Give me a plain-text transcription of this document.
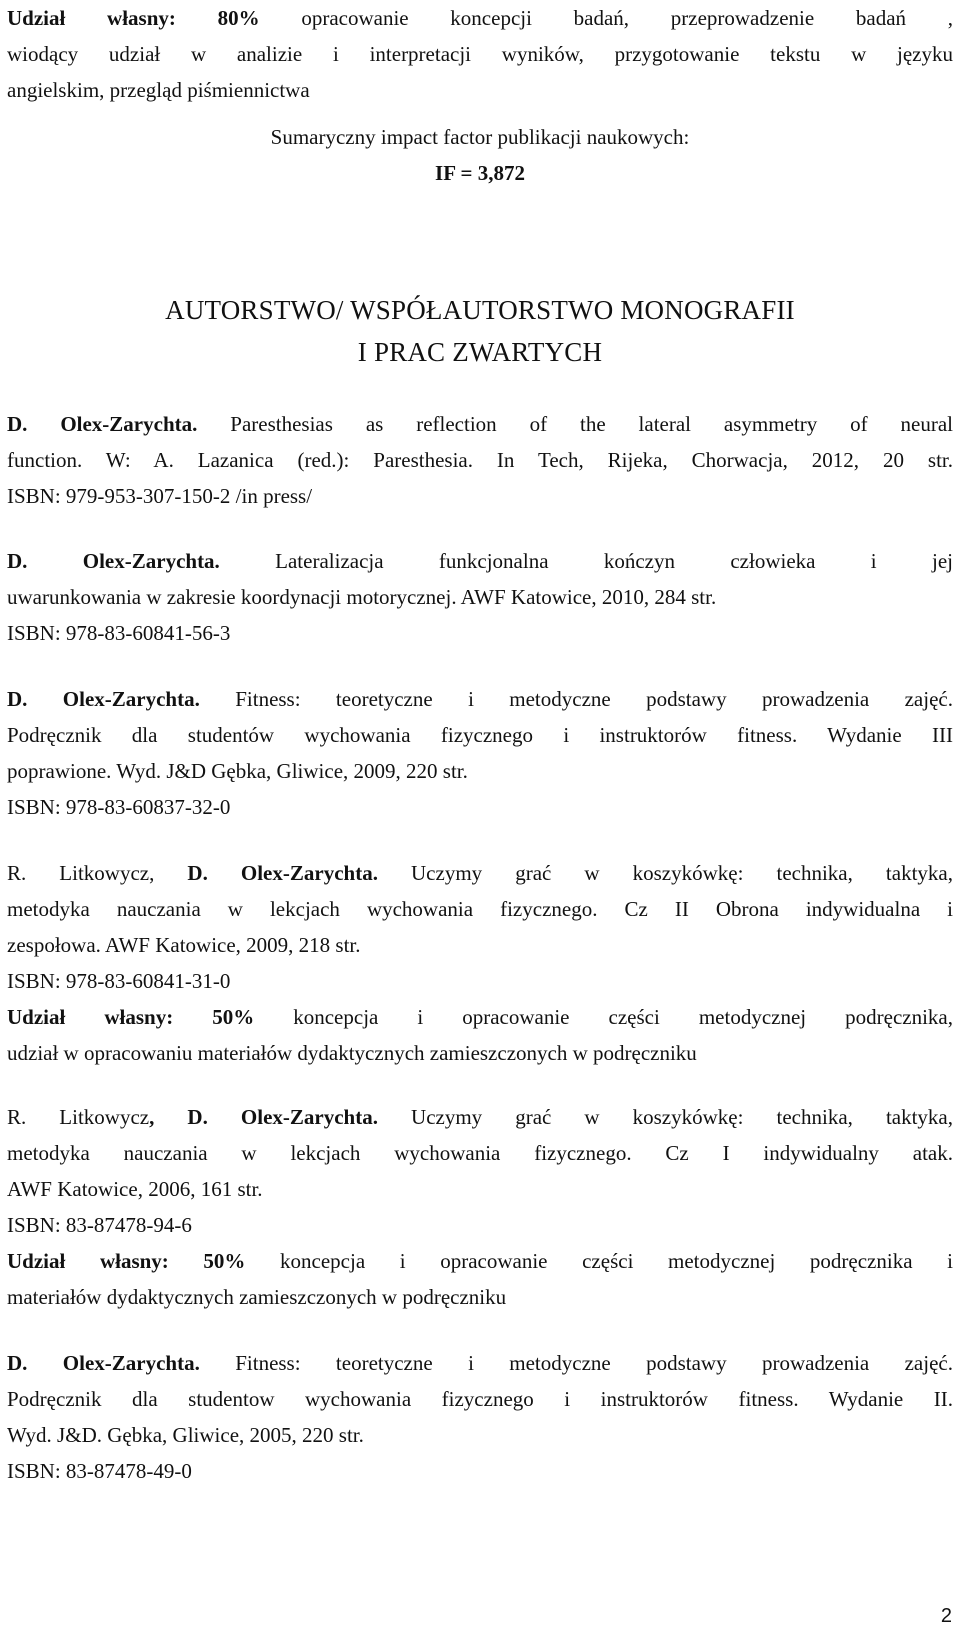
Udział własny: 80% opracowanie koncepcji badań, przeprowadzenie badań ,
wiodący udział w analizie i interpretacji wyników, przygotowanie tekstu w języku
angielskim, przegląd piśmiennictwa
Sumaryczny impact factor publikacji naukowych:
IF = 3,872
AUTORSTWO/ WSPÓŁAUTORSTWO MONOGRAFII
I PRAC ZWARTYCH
D. Olex-Zarychta. Paresthesias as reflection of the lateral asymmetry of neural
function. W: A. Lazanica (red.): Paresthesia. In Tech, Rijeka, Chorwacja, 2012, 20 str.
ISBN: 979-953-307-150-2 /in press/
D. Olex-Zarychta. Lateralizacja funkcjonalna kończyn człowieka i jej
uwarunkowania w zakresie koordynacji motorycznej. AWF Katowice, 2010, 284 str.
ISBN: 978-83-60841-56-3
D. Olex-Zarychta. Fitness: teoretyczne i metodyczne podstawy prowadzenia zajęć.
Podręcznik dla studentów wychowania fizycznego i instruktorów fitness. Wydanie III
poprawione. Wyd. J&D Gębka, Gliwice, 2009, 220 str.
ISBN: 978-83-60837-32-0
R. Litkowycz, D. Olex-Zarychta. Uczymy grać w koszykówkę: technika, taktyka,
metodyka nauczania w lekcjach wychowania fizycznego. Cz II Obrona indywidualna i
zespołowa. AWF Katowice, 2009, 218 str.
ISBN: 978-83-60841-31-0
Udział własny: 50% koncepcja i opracowanie części metodycznej podręcznika,
udział w opracowaniu materiałów dydaktycznych zamieszczonych w podręczniku
R. Litkowycz, D. Olex-Zarychta. Uczymy grać w koszykówkę: technika, taktyka,
metodyka nauczania w lekcjach wychowania fizycznego. Cz I indywidualny atak.
AWF Katowice, 2006, 161 str.
ISBN: 83-87478-94-6
Udział własny: 50% koncepcja i opracowanie części metodycznej podręcznika i
materiałów dydaktycznych zamieszczonych w podręczniku
D. Olex-Zarychta. Fitness: teoretyczne i metodyczne podstawy prowadzenia zajęć.
Podręcznik dla studentow wychowania fizycznego i instruktorów fitness. Wydanie II.
Wyd. J&D. Gębka, Gliwice, 2005, 220 str.
ISBN: 83-87478-49-0
2
